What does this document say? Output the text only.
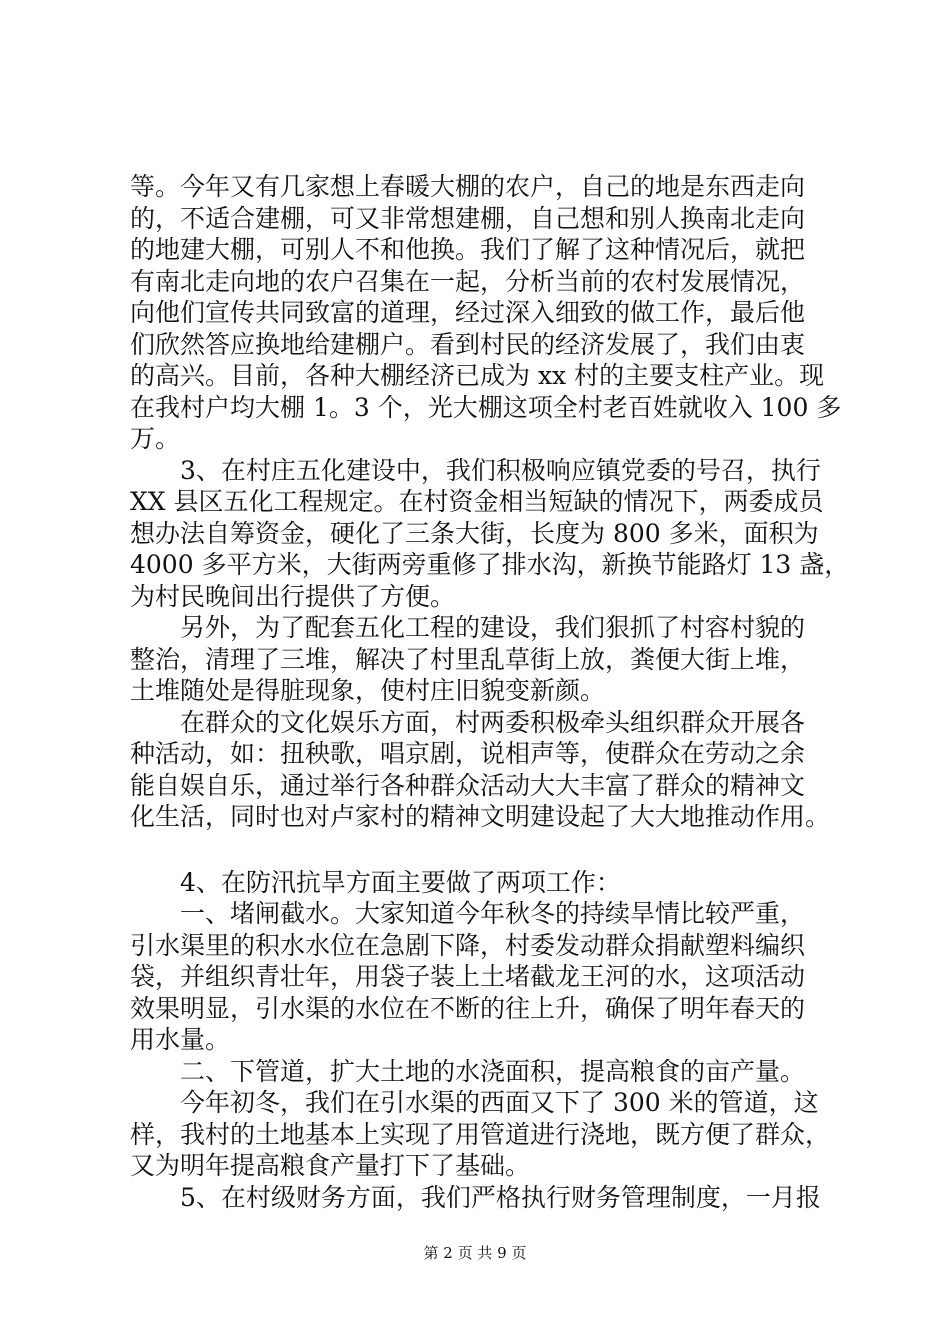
等。今年又有几家想上春暖大棚的农户，自己的地是东西走向
的，不适合建棚，可又非常想建棚，自己想和别人换南北走向
的地建大棚，可别人不和他换。我们了解了这种情况后，就把
有南北走向地的农户召集在一起，分析当前的农村发展情况，
向他们宣传共同致富的道理，经过深入细致的做工作，最后他
们欣然答应换地给建棚户。看到村民的经济发展了，我们由衷
的高兴。目前，各种大棚经济已成为 xx 村的主要支柱产业。现
在我村户均大棚 1。3 个，光大棚这项全村老百姓就收入 100 多
万。
3、在村庄五化建设中，我们积极响应镇党委的号召，执行
XX 县区五化工程规定。在村资金相当短缺的情况下，两委成员
想办法自筹资金，硬化了三条大街，长度为 800 多米，面积为
4000 多平方米，大街两旁重修了排水沟，新换节能路灯 13 盏，
为村民晚间出行提供了方便。
另外，为了配套五化工程的建设，我们狠抓了村容村貌的
整治，清理了三堆，解决了村里乱草街上放，粪便大街上堆，
土堆随处是得脏现象，使村庄旧貌变新颜。
在群众的文化娱乐方面，村两委积极牵头组织群众开展各
种活动，如：扭秧歌，唱京剧，说相声等，使群众在劳动之余
能自娱自乐，通过举行各种群众活动大大丰富了群众的精神文
化生活，同时也对卢家村的精神文明建设起了大大地推动作用。
4、在防汛抗旱方面主要做了两项工作：
一、堵闸截水。大家知道今年秋冬的持续旱情比较严重，
引水渠里的积水水位在急剧下降，村委发动群众捐献塑料编织
袋，并组织青壮年，用袋子装上土堵截龙王河的水，这项活动
效果明显，引水渠的水位在不断的往上升，确保了明年春天的
用水量。
二、下管道，扩大土地的水浇面积，提高粮食的亩产量。
今年初冬，我们在引水渠的西面又下了 300 米的管道，这
样，我村的土地基本上实现了用管道进行浇地，既方便了群众，
又为明年提高粮食产量打下了基础。
5、在村级财务方面，我们严格执行财务管理制度，一月报
第 2 页 共 9 页
